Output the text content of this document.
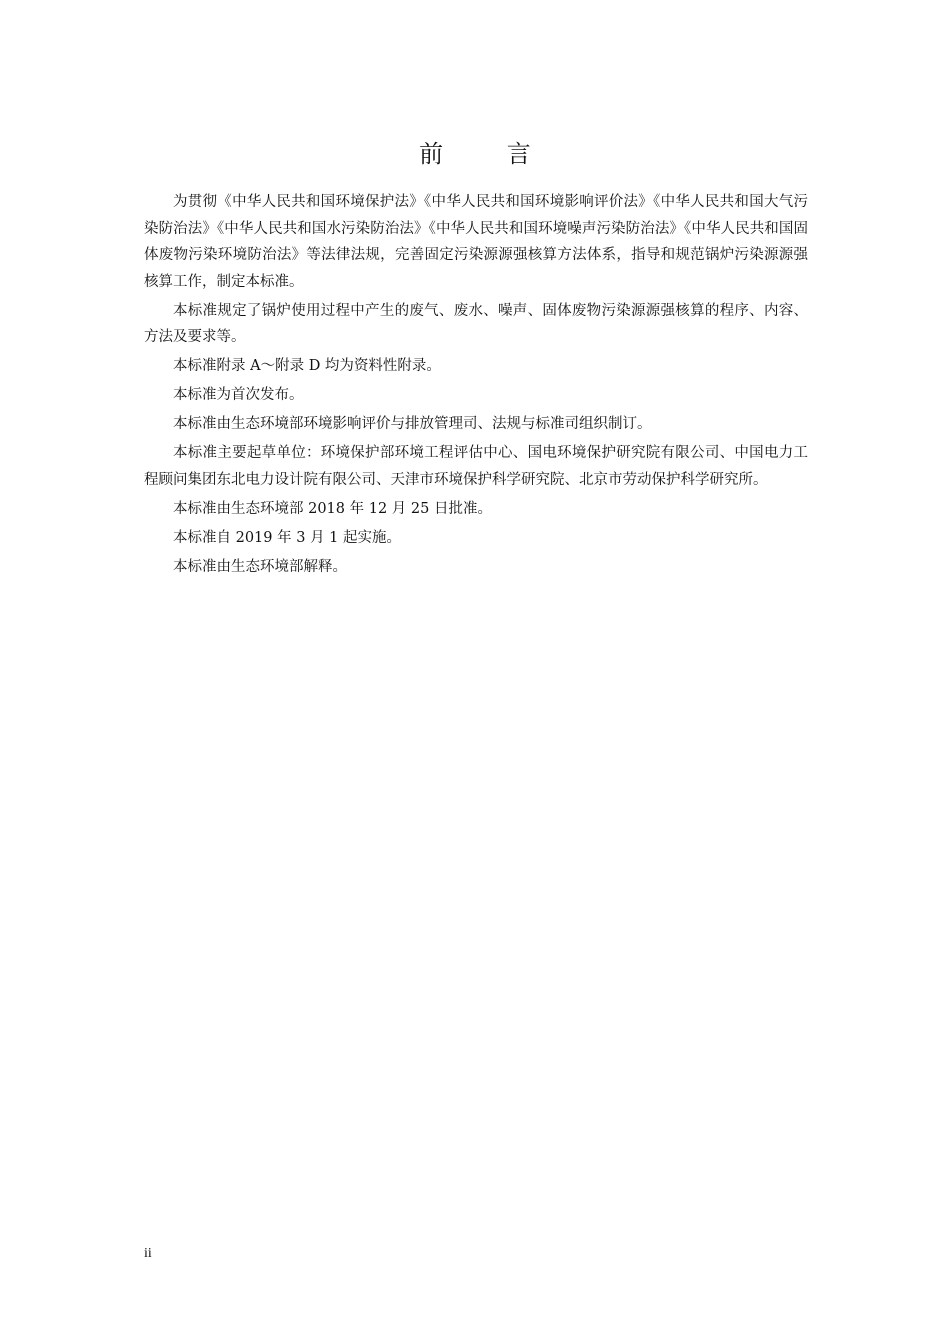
前 言

为贯彻《中华人民共和国环境保护法》《中华人民共和国环境影响评价法》《中华人民共和国大气污染防治法》《中华人民共和国水污染防治法》《中华人民共和国环境噪声污染防治法》《中华人民共和国固体废物污染环境防治法》等法律法规，完善固定污染源源强核算方法体系，指导和规范锅炉污染源源强核算工作，制定本标准。

本标准规定了锅炉使用过程中产生的废气、废水、噪声、固体废物污染源源强核算的程序、内容、方法及要求等。

本标准附录 A～附录 D 均为资料性附录。

本标准为首次发布。

本标准由生态环境部环境影响评价与排放管理司、法规与标准司组织制订。

本标准主要起草单位：环境保护部环境工程评估中心、国电环境保护研究院有限公司、中国电力工程顾问集团东北电力设计院有限公司、天津市环境保护科学研究院、北京市劳动保护科学研究所。

本标准由生态环境部 2018 年 12 月 25 日批准。

本标准自 2019 年 3 月 1 起实施。

本标准由生态环境部解释。

ii
